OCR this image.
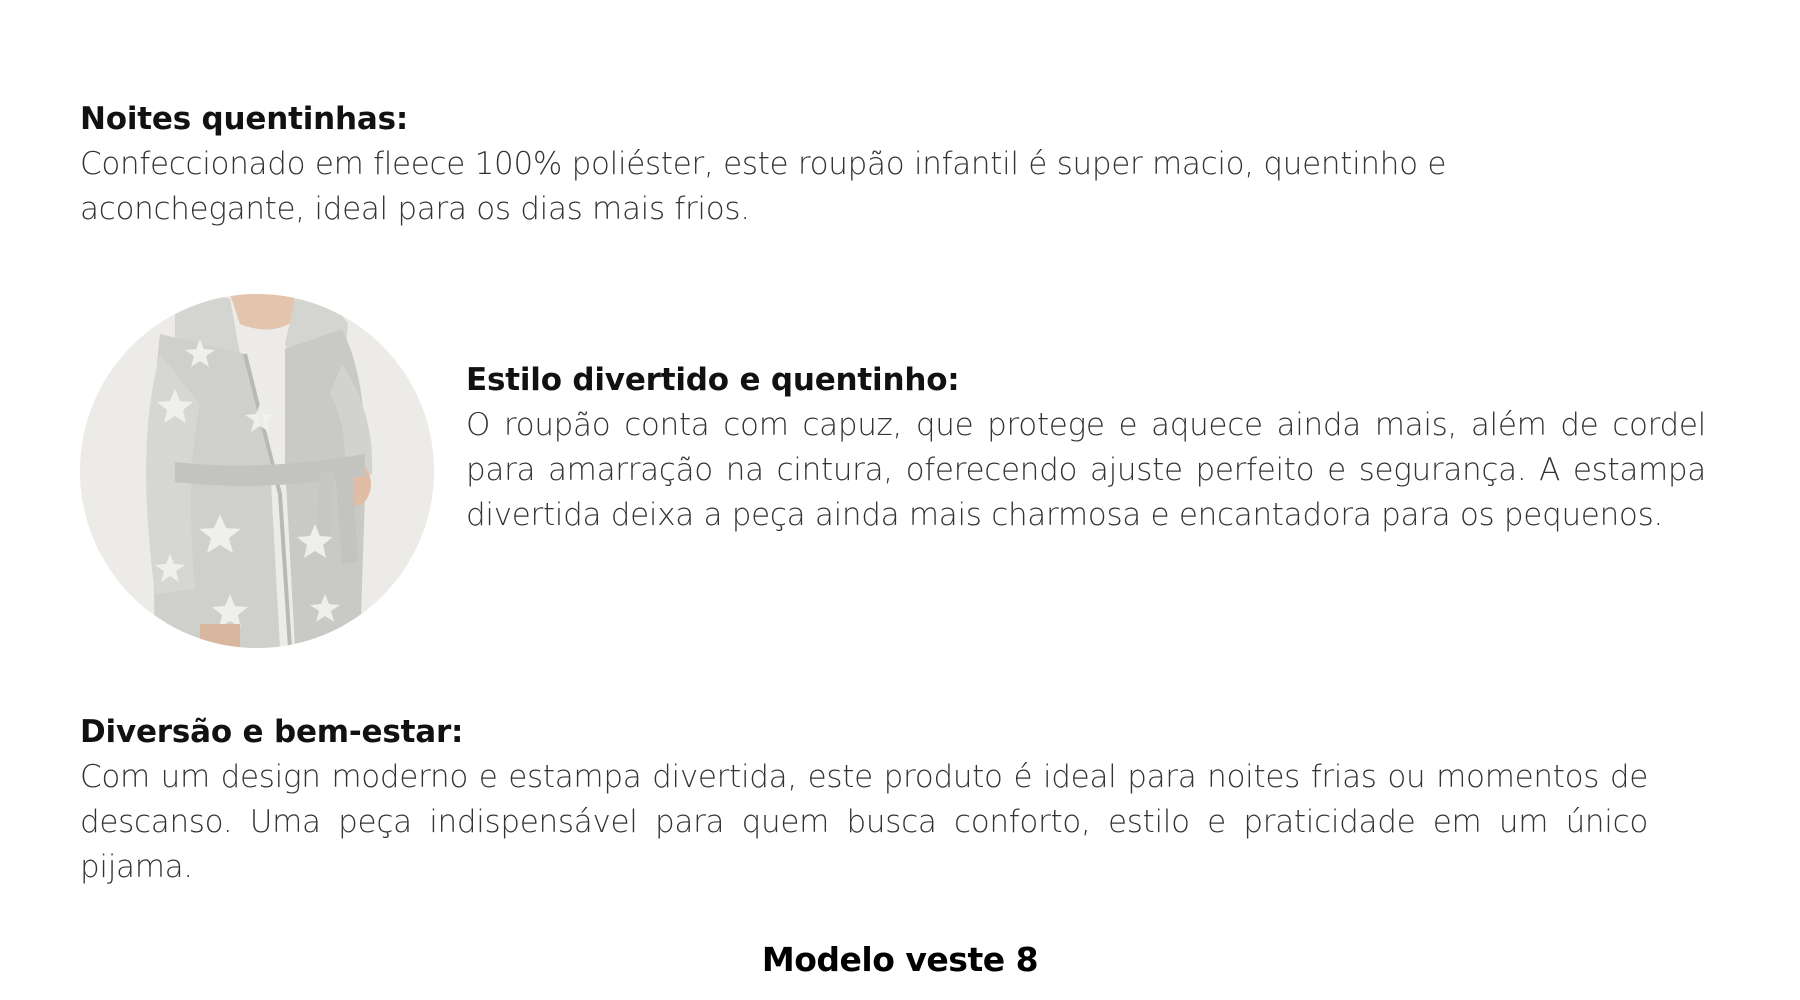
Noites quentinhas:

Confeccionado em fleece 100% poliéster, este roupão infantil é super macio, quentinho e aconchegante, ideal para os dias mais frios.

Estilo divertido e quentinho:

O roupão conta com capuz, que protege e aquece ainda mais, além de cordel para amarração na cintura, oferecendo ajuste perfeito e segurança. A estampa divertida deixa a peça ainda mais charmosa e encantadora para os pequenos.

Diversão e bem-estar:

Com um design moderno e estampa divertida, este produto é ideal para noites frias ou momentos de descanso. Uma peça indispensável para quem busca conforto, estilo e praticidade em um único pijama.

Modelo veste 8
